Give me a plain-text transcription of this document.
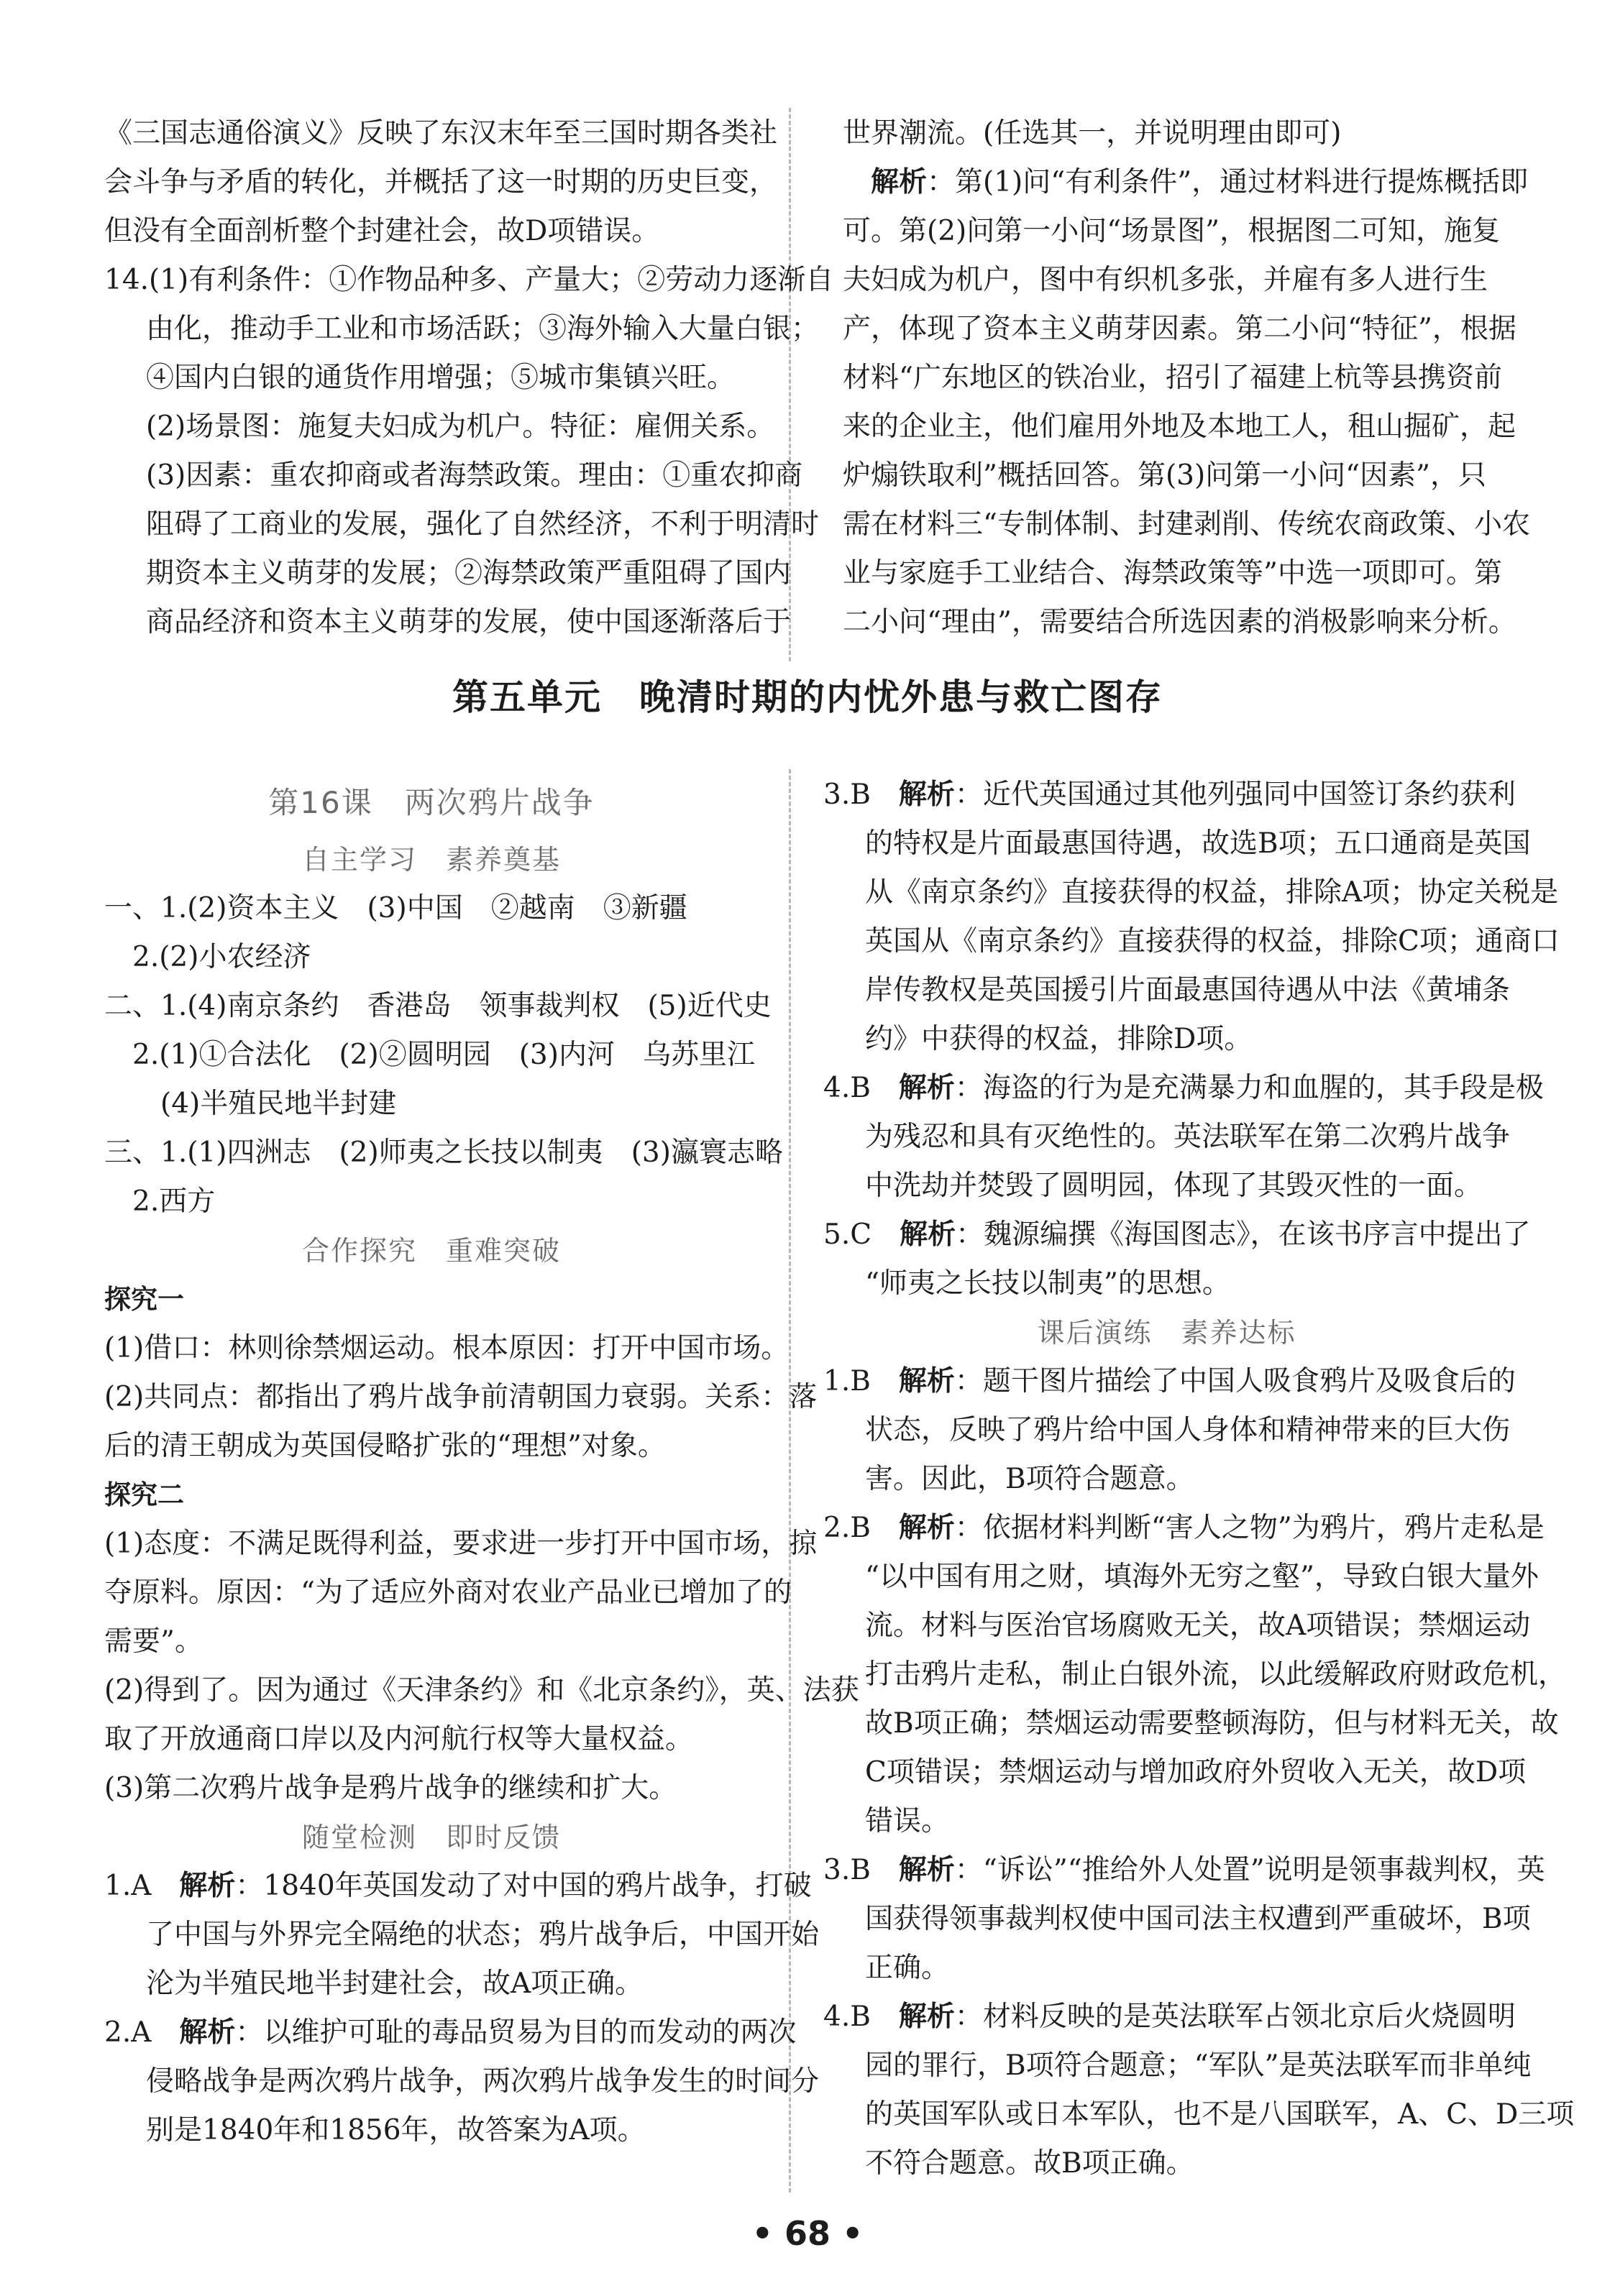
《三国志通俗演义》反映了东汉末年至三国时期各类社
会斗争与矛盾的转化，并概括了这一时期的历史巨变，
但没有全面剖析整个封建社会，故D项错误。
14.(1)有利条件：①作物品种多、产量大；②劳动力逐渐自
由化，推动手工业和市场活跃；③海外输入大量白银；
④国内白银的通货作用增强；⑤城市集镇兴旺。
(2)场景图：施复夫妇成为机户。特征：雇佣关系。
(3)因素：重农抑商或者海禁政策。理由：①重农抑商
阻碍了工商业的发展，强化了自然经济，不利于明清时
期资本主义萌芽的发展；②海禁政策严重阻碍了国内
商品经济和资本主义萌芽的发展，使中国逐渐落后于
世界潮流。(任选其一，并说明理由即可)
解析：第(1)问“有利条件”，通过材料进行提炼概括即
可。第(2)问第一小问“场景图”，根据图二可知，施复
夫妇成为机户，图中有织机多张，并雇有多人进行生
产，体现了资本主义萌芽因素。第二小问“特征”，根据
材料“广东地区的铁冶业，招引了福建上杭等县携资前
来的企业主，他们雇用外地及本地工人，租山掘矿，起
炉煽铁取利”概括回答。第(3)问第一小问“因素”，只
需在材料三“专制体制、封建剥削、传统农商政策、小农
业与家庭手工业结合、海禁政策等”中选一项即可。第
二小问“理由”，需要结合所选因素的消极影响来分析。
第五单元　晚清时期的内忧外患与救亡图存
第16课　两次鸦片战争
自主学习　素养奠基
一、1.(2)资本主义　(3)中国　②越南　③新疆
2.(2)小农经济
二、1.(4)南京条约　香港岛　领事裁判权　(5)近代史
2.(1)①合法化　(2)②圆明园　(3)内河　乌苏里江
(4)半殖民地半封建
三、1.(1)四洲志　(2)师夷之长技以制夷　(3)瀛寰志略
2.西方
合作探究　重难突破
探究一
(1)借口：林则徐禁烟运动。根本原因：打开中国市场。
(2)共同点：都指出了鸦片战争前清朝国力衰弱。关系：落
后的清王朝成为英国侵略扩张的“理想”对象。
探究二
(1)态度：不满足既得利益，要求进一步打开中国市场，掠
夺原料。原因：“为了适应外商对农业产品业已增加了的
需要”。
(2)得到了。因为通过《天津条约》和《北京条约》，英、法获
取了开放通商口岸以及内河航行权等大量权益。
(3)第二次鸦片战争是鸦片战争的继续和扩大。
随堂检测　即时反馈
1.A　 解析：1840年英国发动了对中国的鸦片战争，打破
了中国与外界完全隔绝的状态；鸦片战争后，中国开始
沦为半殖民地半封建社会，故A项正确。
2.A　 解析：以维护可耻的毒品贸易为目的而发动的两次
侵略战争是两次鸦片战争，两次鸦片战争发生的时间分
别是1840年和1856年，故答案为A项。
3.B　 解析：近代英国通过其他列强同中国签订条约获利
的特权是片面最惠国待遇，故选B项；五口通商是英国
从《南京条约》直接获得的权益，排除A项；协定关税是
英国从《南京条约》直接获得的权益，排除C项；通商口
岸传教权是英国援引片面最惠国待遇从中法《黄埔条
约》中获得的权益，排除D项。
4.B　 解析：海盗的行为是充满暴力和血腥的，其手段是极
为残忍和具有灭绝性的。英法联军在第二次鸦片战争
中洗劫并焚毁了圆明园，体现了其毁灭性的一面。
5.C　 解析：魏源编撰《海国图志》，在该书序言中提出了
“师夷之长技以制夷”的思想。
课后演练　素养达标
1.B　 解析：题干图片描绘了中国人吸食鸦片及吸食后的
状态，反映了鸦片给中国人身体和精神带来的巨大伤
害。因此，B项符合题意。
2.B　 解析：依据材料判断“害人之物”为鸦片，鸦片走私是
“以中国有用之财，填海外无穷之壑”，导致白银大量外
流。材料与医治官场腐败无关，故A项错误；禁烟运动
打击鸦片走私，制止白银外流，以此缓解政府财政危机，
故B项正确；禁烟运动需要整顿海防，但与材料无关，故
C项错误；禁烟运动与增加政府外贸收入无关，故D项
错误。
3.B　 解析：“诉讼”“推给外人处置”说明是领事裁判权，英
国获得领事裁判权使中国司法主权遭到严重破坏，B项
正确。
4.B　 解析：材料反映的是英法联军占领北京后火烧圆明
园的罪行，B项符合题意；“军队”是英法联军而非单纯
的英国军队或日本军队，也不是八国联军，A、C、D三项
不符合题意。故B项正确。
• 68 •
